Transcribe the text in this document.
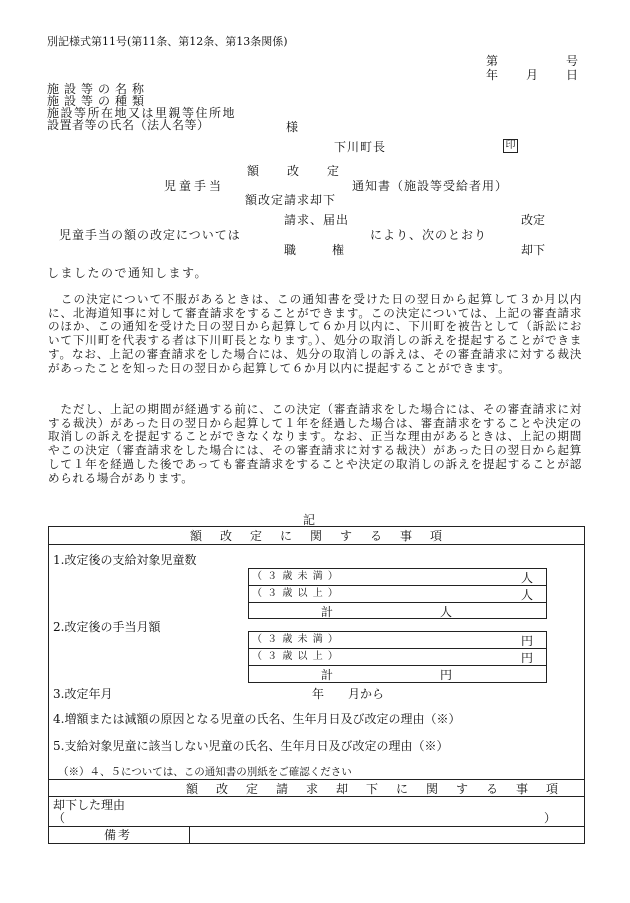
別記様式第11号(第11条、第12条、第13条関係)
第	号
年 月 日
施設等の名称
施設等の種類
施設等所在地又は里親等住所地
設置者等の氏名（法人名等）	様
下川町長	印
額　改　定
児童手当	通知書（施設等受給者用）
額改定請求却下
請求、届出	改定
児童手当の額の改定については	により、次のとおり
職　　　権	却下
しましたので通知します。
　この決定について不服があるときは、この通知書を受けた日の翌日から起算して３か月以内に、北海道知事に対して審査請求をすることができます。この決定については、上記の審査請求のほか、この通知を受けた日の翌日から起算して６か月以内に、下川町を被告として（訴訟において下川町を代表する者は下川町長となります。）、処分の取消しの訴えを提起することができます。なお、上記の審査請求をした場合には、処分の取消しの訴えは、その審査請求に対する裁決があったことを知った日の翌日から起算して６か月以内に提起することができます。
　ただし、上記の期間が経過する前に、この決定（審査請求をした場合には、その審査請求に対する裁決）があった日の翌日から起算して１年を経過した場合は、審査請求をすることや決定の取消しの訴えを提起することができなくなります。なお、正当な理由があるときは、上記の期間やこの決定（審査請求をした場合には、その審査請求に対する裁決）があった日の翌日から起算して１年を経過した後であっても審査請求をすることや決定の取消しの訴えを提起することが認められる場合があります。
記
額　改　定　に　関　す　る　事　項
1.改定後の支給対象児童数
（ ３ 歳 未 満 ）	人
（ ３ 歳 以 上 ）	人
計	人
2.改定後の手当月額
（ ３ 歳 未 満 ）	円
（ ３ 歳 以 上 ）	円
計	円
3.改定年月	年　　月から
4.増額または減額の原因となる児童の氏名、生年月日及び改定の理由（※）
5.支給対象児童に該当しない児童の氏名、生年月日及び改定の理由（※）
（※）４、５については、この通知書の別紙をご確認ください
額　改　定　請　求　却　下　に　関　す　る　事　項
却下した理由
（	）
備考
